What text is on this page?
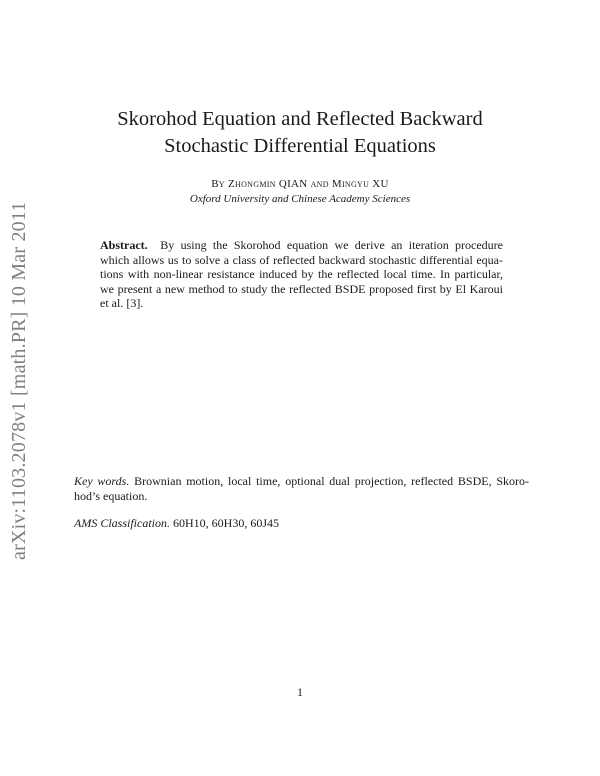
arXiv:1103.2078v1 [math.PR] 10 Mar 2011
Skorohod Equation and Reflected Backward
Stochastic Differential Equations
By Zhongmin QIAN and Mingyu XU
Oxford University and Chinese Academy Sciences
Abstract. By using the Skorohod equation we derive an iteration procedure
which allows us to solve a class of reflected backward stochastic differential equa-
tions with non-linear resistance induced by the reflected local time. In particular,
we present a new method to study the reflected BSDE proposed first by El Karoui
et al. [3].
Key words. Brownian motion, local time, optional dual projection, reflected BSDE, Skoro-
hod’s equation.
AMS Classification. 60H10, 60H30, 60J45
1
